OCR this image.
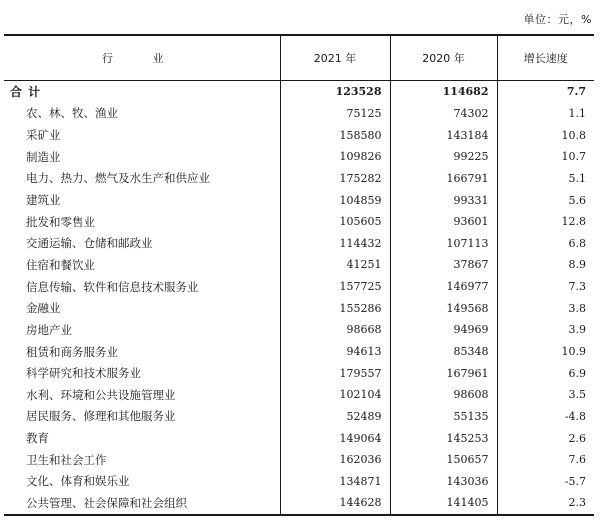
单位：元，%
行 业	2021 年	2020 年	增长速度
合 计	123528	114682	7.7
农、林、牧、渔业	75125	74302	1.1
采矿业	158580	143184	10.8
制造业	109826	99225	10.7
电力、热力、燃气及水生产和供应业	175282	166791	5.1
建筑业	104859	99331	5.6
批发和零售业	105605	93601	12.8
交通运输、仓储和邮政业	114432	107113	6.8
住宿和餐饮业	41251	37867	8.9
信息传输、软件和信息技术服务业	157725	146977	7.3
金融业	155286	149568	3.8
房地产业	98668	94969	3.9
租赁和商务服务业	94613	85348	10.9
科学研究和技术服务业	179557	167961	6.9
水利、环境和公共设施管理业	102104	98608	3.5
居民服务、修理和其他服务业	52489	55135	-4.8
教育	149064	145253	2.6
卫生和社会工作	162036	150657	7.6
文化、体育和娱乐业	134871	143036	-5.7
公共管理、社会保障和社会组织	144628	141405	2.3
